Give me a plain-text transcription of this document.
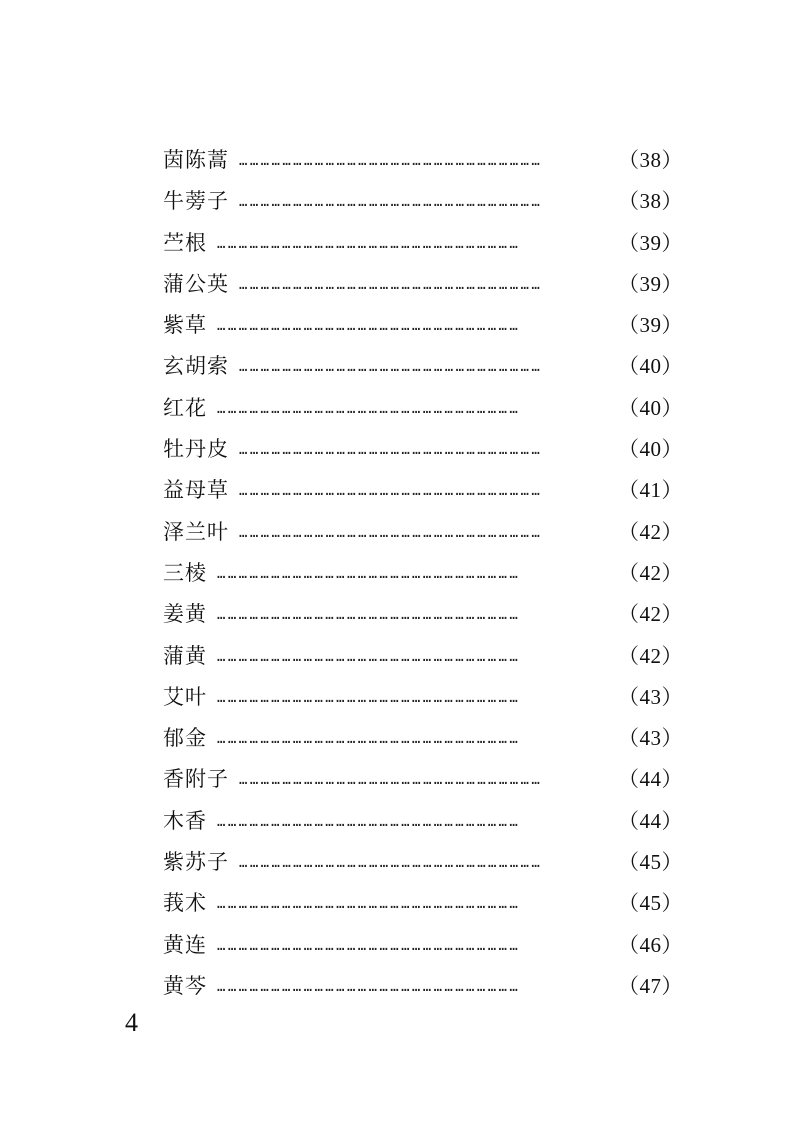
茵陈蒿 …………………………………………………………………………	（38）
牛蒡子 …………………………………………………………………………	（38）
苎根 …………………………………………………………………………	（39）
蒲公英 …………………………………………………………………………	（39）
紫草 …………………………………………………………………………	（39）
玄胡索 …………………………………………………………………………	（40）
红花 …………………………………………………………………………	（40）
牡丹皮 …………………………………………………………………………	（40）
益母草 …………………………………………………………………………	（41）
泽兰叶 …………………………………………………………………………	（42）
三棱 …………………………………………………………………………	（42）
姜黄 …………………………………………………………………………	（42）
蒲黄 …………………………………………………………………………	（42）
艾叶 …………………………………………………………………………	（43）
郁金 …………………………………………………………………………	（43）
香附子 …………………………………………………………………………	（44）
木香 …………………………………………………………………………	（44）
紫苏子 …………………………………………………………………………	（45）
莪术 …………………………………………………………………………	（45）
黄连 …………………………………………………………………………	（46）
黄芩 …………………………………………………………………………	（47）
4
